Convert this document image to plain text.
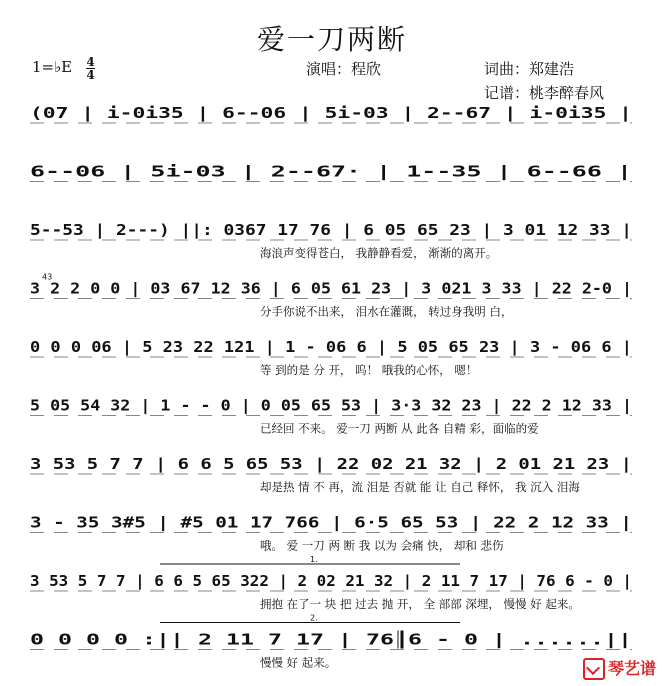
爱一刀两断
1=♭E 4
4	演唱：程欣	词曲：郑建浩
记谱：桃李醉春风
(07 | i-0i35 | 6--06 | 5i-03 | 2--67 | i-0i35 |
6--06 | 5i-03 | 2--67· | 1--35 | 6--66 |
5--53 | 2---) ||: 0367 17 76 | 6 05 65 23 | 3 01 12 33 |
海浪声变得苍白， 我静静看爱， 渐渐的离开。
3 2 2 0 0 | 03 67 12 36 | 6 05 61 23 | 3 021 3 33 | 22 2-0 |
分手你说不出来， 泪水在灌溉， 转过身我明 白，
43
0 0 0 06 | 5 23 22 121 | 1 - 06 6 | 5 05 65 23 | 3 - 06 6 |
等 到的是 分 开， 呜！ 哦我的心怀， 嗯！
5 05 54 32 | 1 - - 0 | 0 05 65 53 | 3·3 32 23 | 22 2 12 33 |
已经回 不来。 爱一刀 两断 从 此各 自精 彩，面临的爱
3 53 5 7 7 | 6 6 5 65 53 | 22 02 21 32 | 2 01 21 23 |
却是热 情 不 再，流 泪是 否就 能 让 自己 释怀， 我 沉入 泪海
3 - 35 3#5 | #5 01 17 766 | 6·5 65 53 | 22 2 12 33 |
哦。 爱 一刀 两 断 我 以为 会痛 快， 却和 悲伤
3 53 5 7 7 | 6 6 5 65 322 | 2 02 21 32 | 2 11 7 17 | 76 6 - 0 |
拥抱 在了一 块 把 过去 抛 开， 全 部部 深埋， 慢慢 好 起来。
1.
0 0 0 0 :|| 2 11 7 17 | 76 6 - 0 | ......||
慢慢 好 起来。
2.
琴艺谱
